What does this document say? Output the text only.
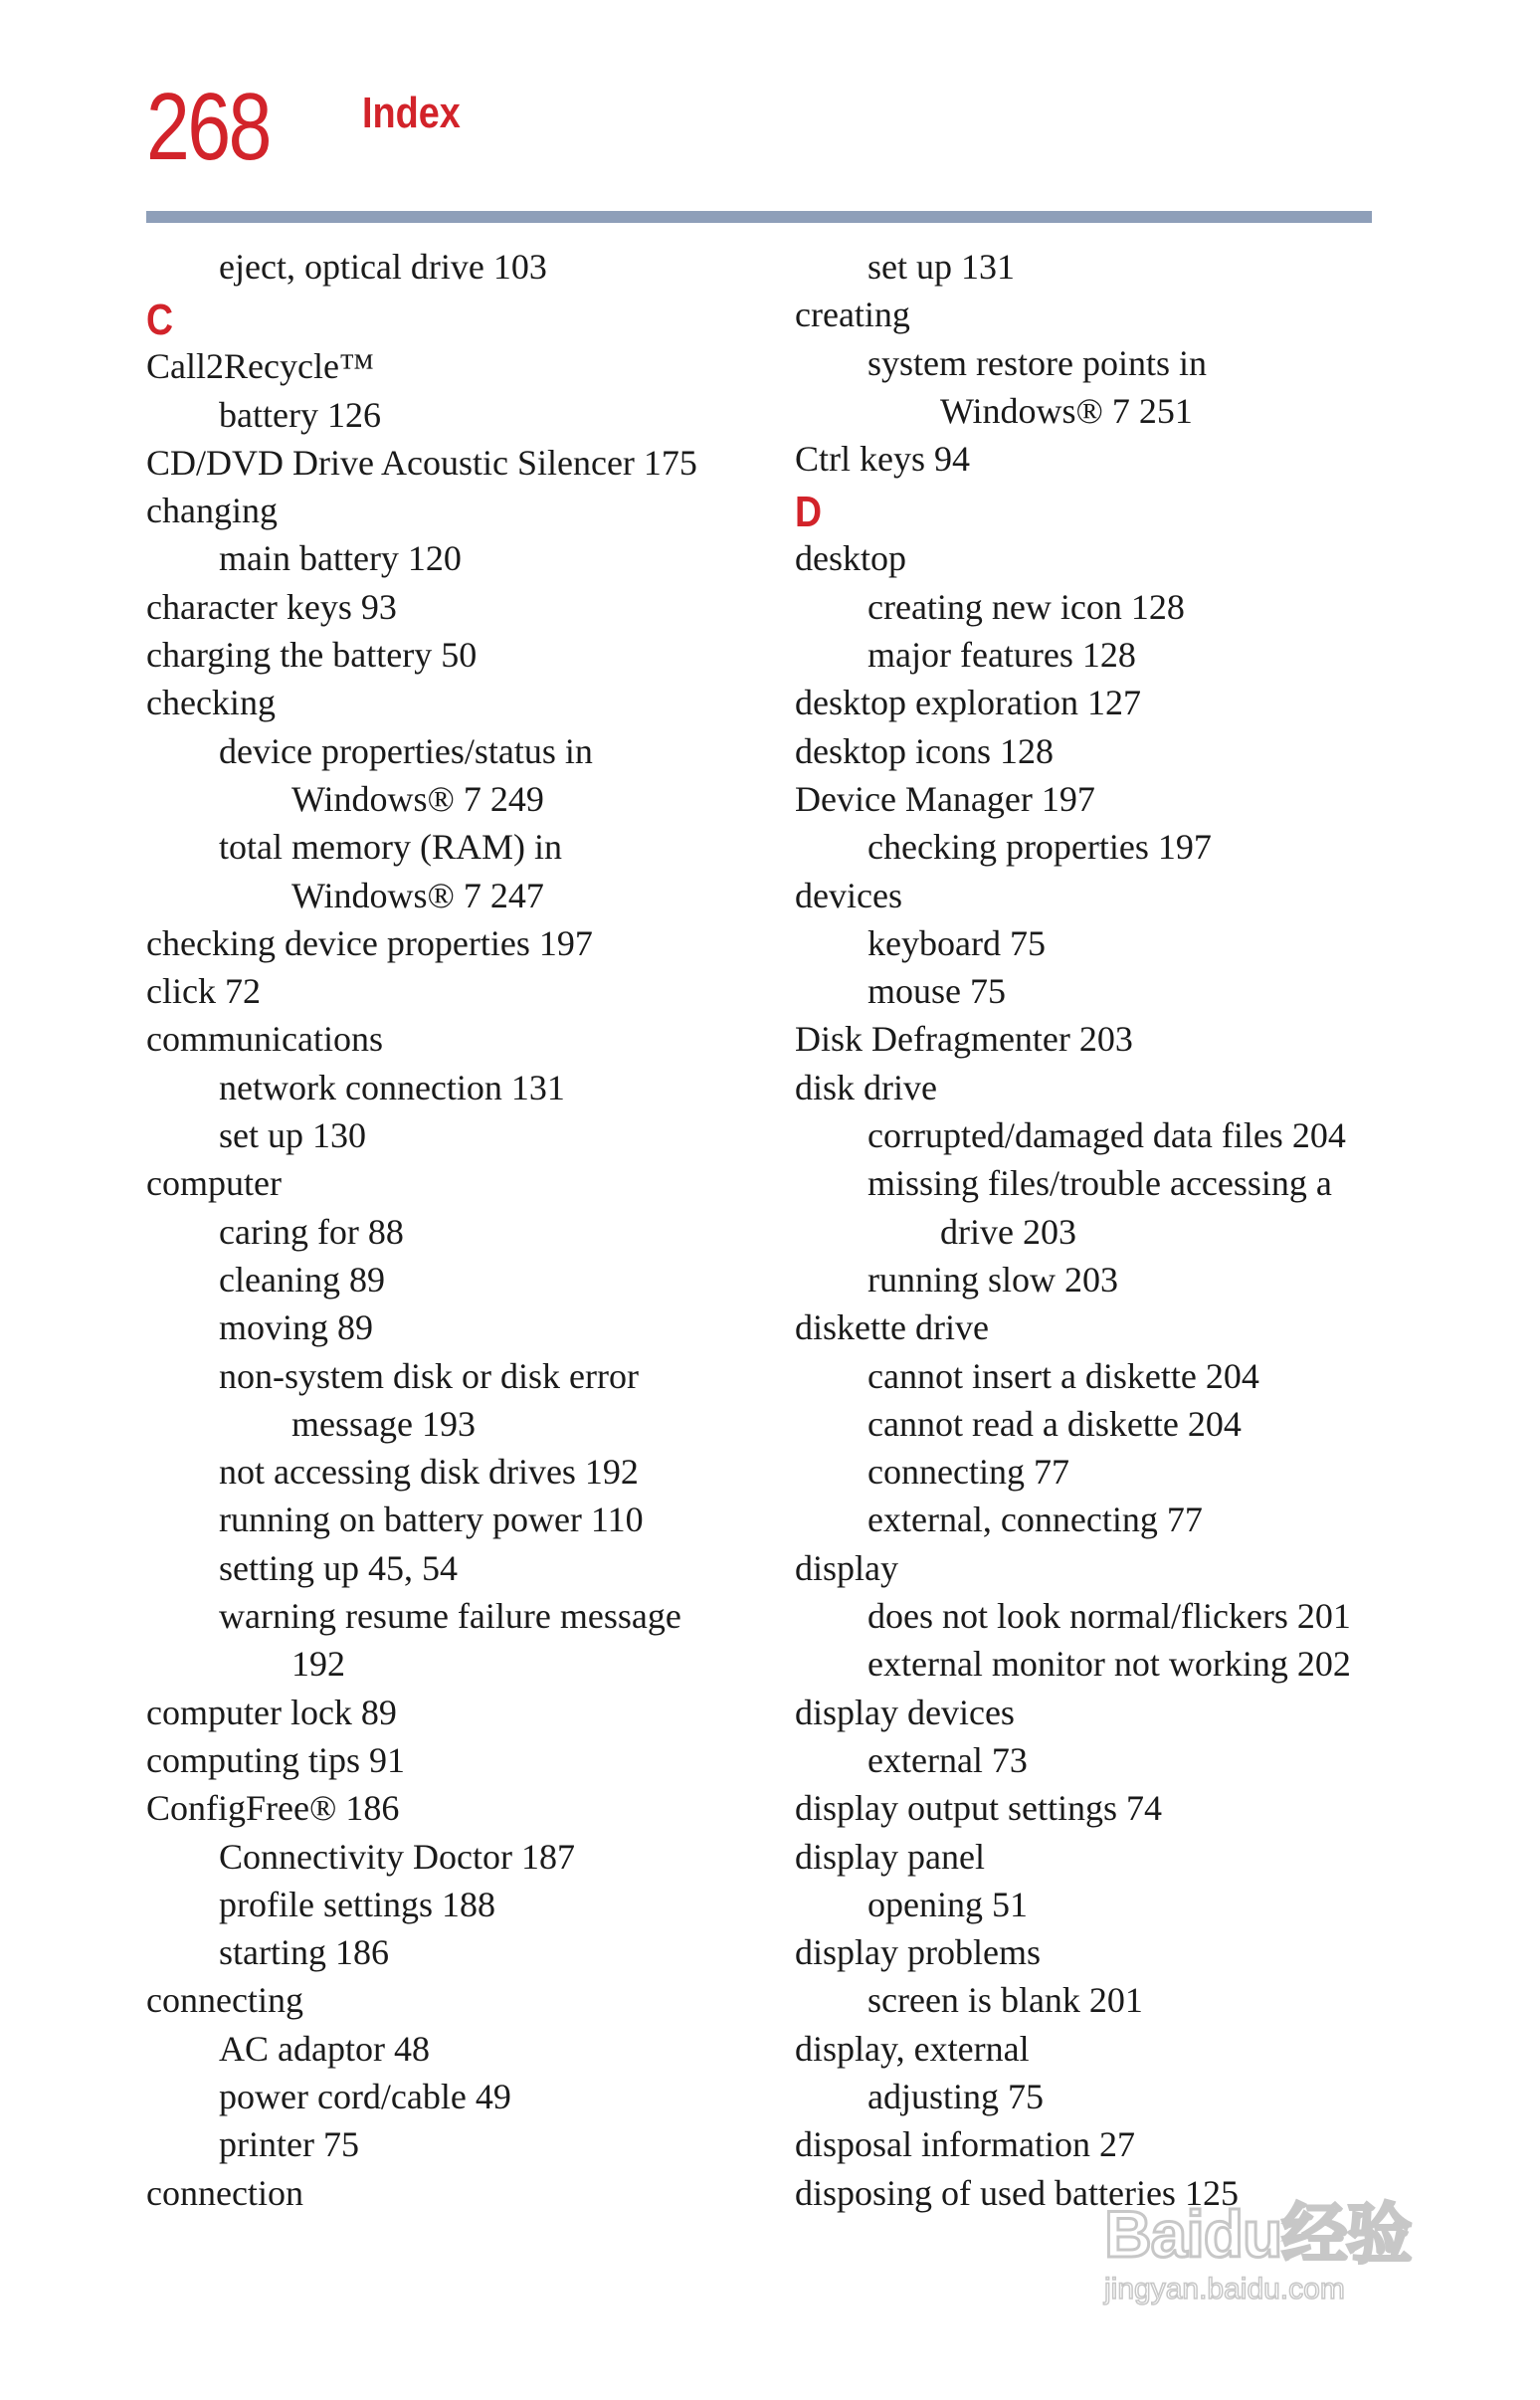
268 Index
eject, optical drive 103
C
Call2Recycle™
battery 126
CD/DVD Drive Acoustic Silencer 175
changing
main battery 120
character keys 93
charging the battery 50
checking
device properties/status in
Windows® 7 249
total memory (RAM) in
Windows® 7 247
checking device properties 197
click 72
communications
network connection 131
set up 130
computer
caring for 88
cleaning 89
moving 89
non-system disk or disk error
message 193
not accessing disk drives 192
running on battery power 110
setting up 45, 54
warning resume failure message
192
computer lock 89
computing tips 91
ConfigFree® 186
Connectivity Doctor 187
profile settings 188
starting 186
connecting
AC adaptor 48
power cord/cable 49
printer 75
connection
set up 131
creating
system restore points in
Windows® 7 251
Ctrl keys 94
D
desktop
creating new icon 128
major features 128
desktop exploration 127
desktop icons 128
Device Manager 197
checking properties 197
devices
keyboard 75
mouse 75
Disk Defragmenter 203
disk drive
corrupted/damaged data files 204
missing files/trouble accessing a
drive 203
running slow 203
diskette drive
cannot insert a diskette 204
cannot read a diskette 204
connecting 77
external, connecting 77
display
does not look normal/flickers 201
external monitor not working 202
display devices
external 73
display output settings 74
display panel
opening 51
display problems
screen is blank 201
display, external
adjusting 75
disposal information 27
disposing of used batteries 125
Baidu经验
jingyan.baidu.com
